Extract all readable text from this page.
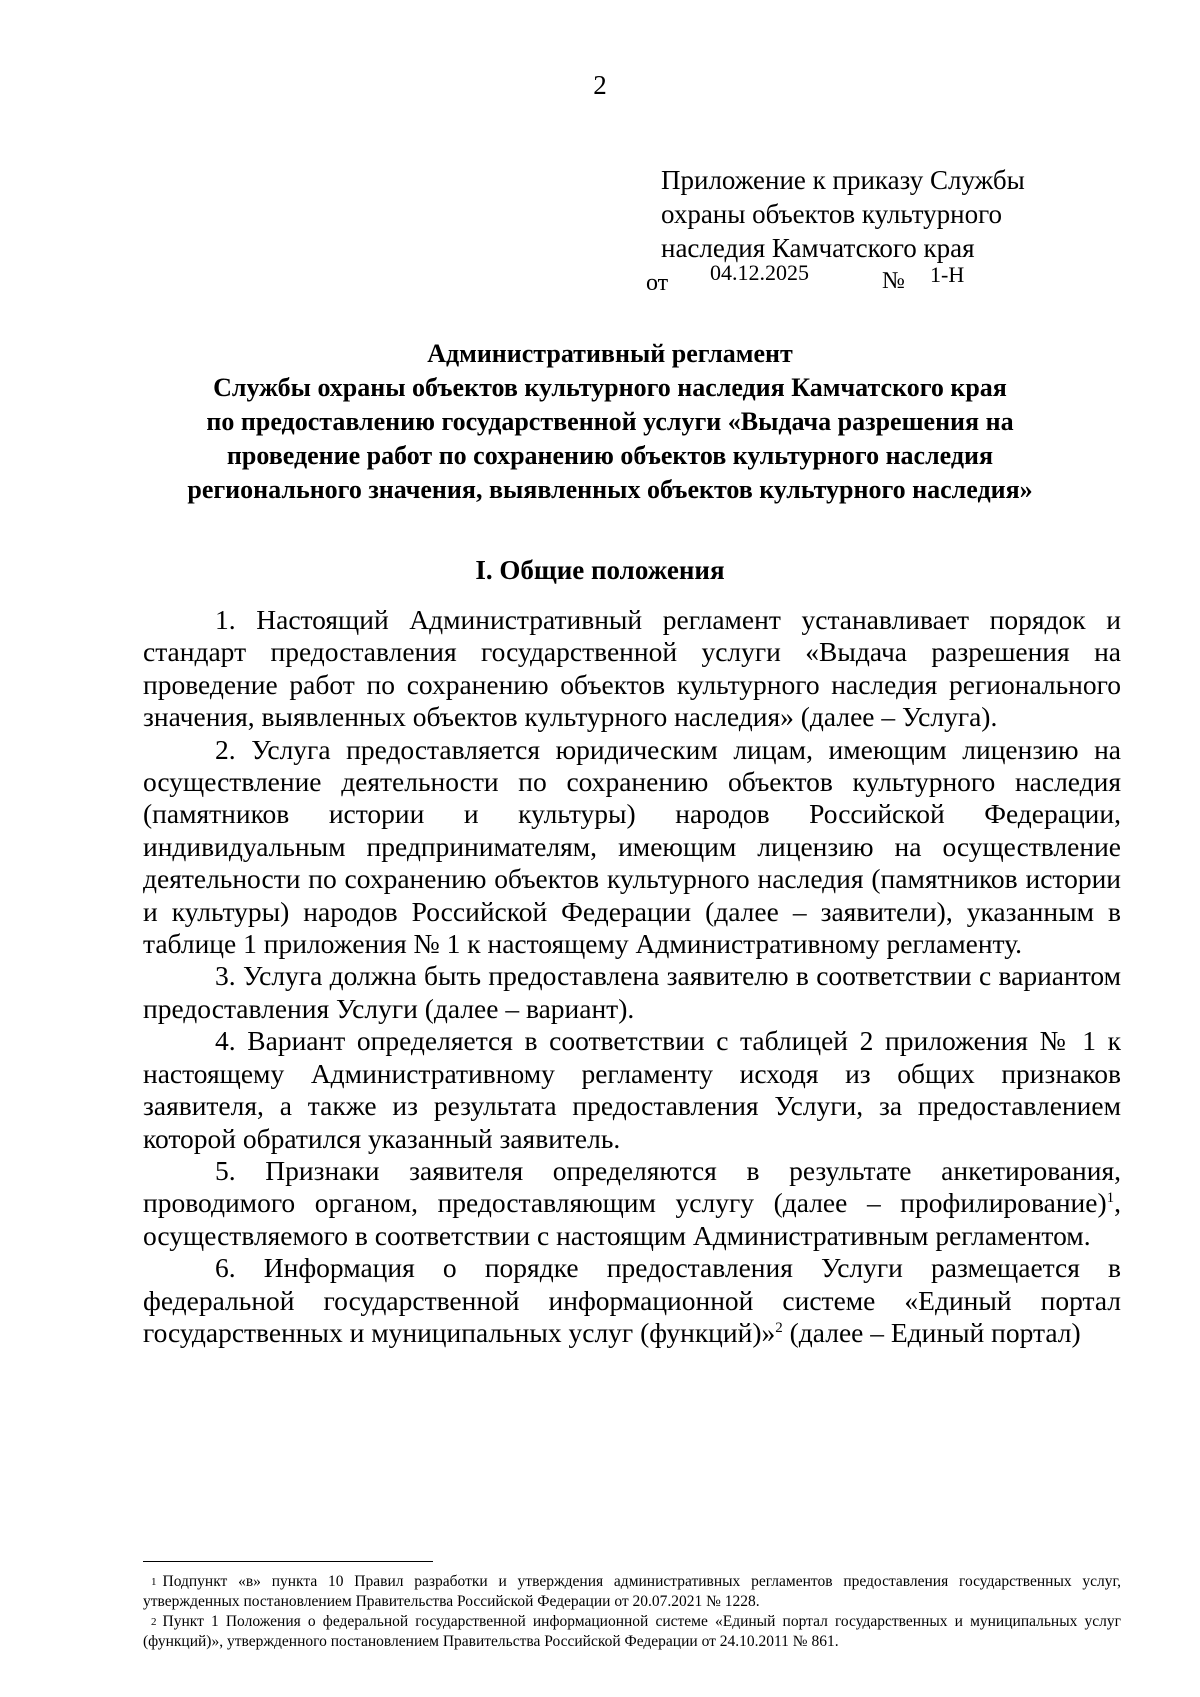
2
Приложение к приказу Службы
охраны объектов культурного
наследия Камчатского края
от 04.12.2025	№ 1-Н
Административный регламент
Службы охраны объектов культурного наследия Камчатского края
по предоставлению государственной услуги «Выдача разрешения на
проведение работ по сохранению объектов культурного наследия
регионального значения, выявленных объектов культурного наследия»
I. Общие положения

1. Настоящий Административный регламент устанавливает порядок и стандарт предоставления государственной услуги «Выдача разрешения на проведение работ по сохранению объектов культурного наследия регионального значения, выявленных объектов культурного наследия» (далее – Услуга).

2. Услуга предоставляется юридическим лицам, имеющим лицензию на осуществление деятельности по сохранению объектов культурного наследия (памятников истории и культуры) народов Российской Федерации, индивидуальным предпринимателям, имеющим лицензию на осуществление деятельности по сохранению объектов культурного наследия (памятников истории и культуры) народов Российской Федерации (далее – заявители), указанным в таблице 1 приложения № 1 к настоящему Административному регламенту.

3. Услуга должна быть предоставлена заявителю в соответствии с вариантом предоставления Услуги (далее – вариант).

4. Вариант определяется в соответствии с таблицей 2 приложения № 1 к настоящему Административному регламенту исходя из общих признаков заявителя, а также из результата предоставления Услуги, за предоставлением которой обратился указанный заявитель.

5. Признаки заявителя определяются в результате анкетирования, проводимого органом, предоставляющим услугу (далее – профилирование)$^1$, осуществляемого в соответствии с настоящим Административным регламентом.

6. Информация о порядке предоставления Услуги размещается в федеральной государственной информационной системе «Единый портал государственных и муниципальных услуг (функций)»$^2$ (далее – Единый портал)

$^1$ Подпункт «в» пункта 10 Правил разработки и утверждения административных регламентов предоставления государственных услуг, утвержденных постановлением Правительства Российской Федерации от 20.07.2021 № 1228.

$^2$ Пункт 1 Положения о федеральной государственной информационной системе «Единый портал государственных и муниципальных услуг (функций)», утвержденного постановлением Правительства Российской Федерации от 24.10.2011 № 861.
